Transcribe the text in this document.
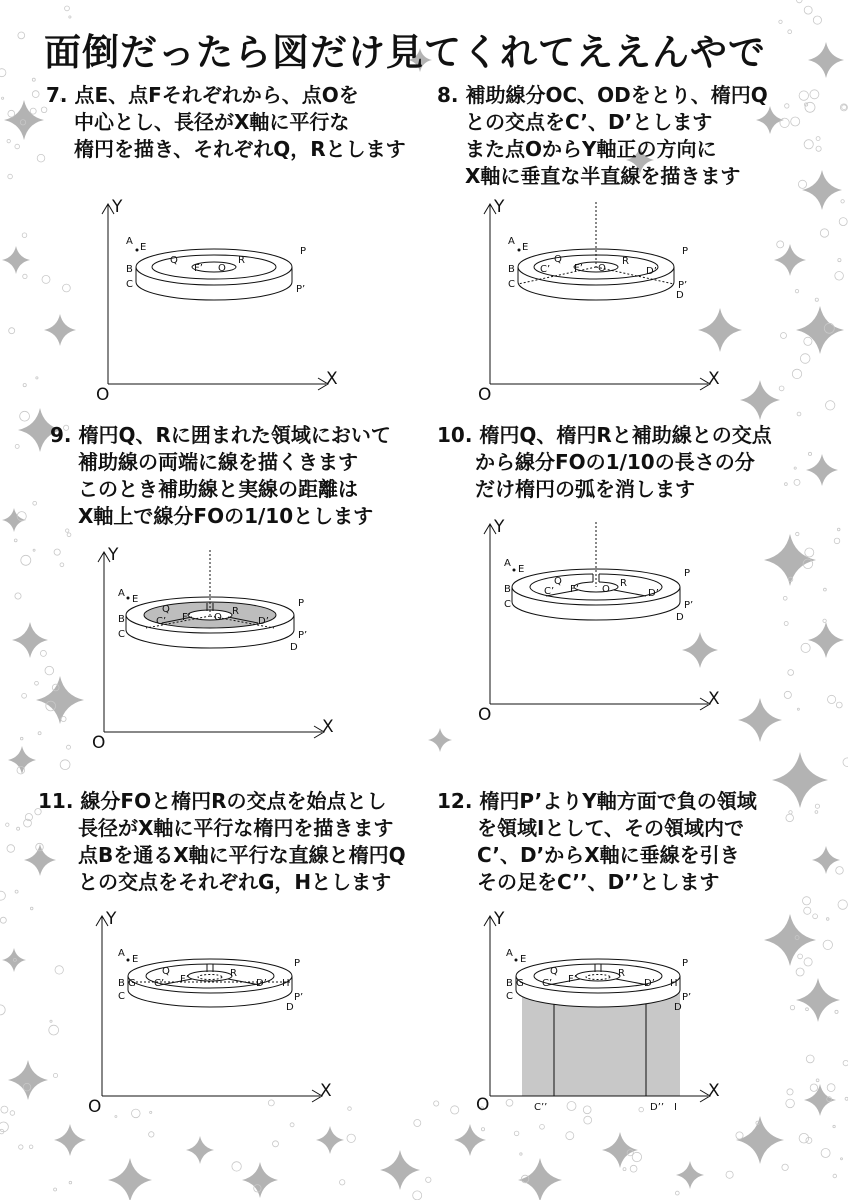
面倒だったら図だけ見てくれてええんやで
7. 点E、点Fそれぞれから、点Oを
中心とし、長径がX軸に平行な
楕円を描き、それぞれQ，Rとします
8. 補助線分OC、ODをとり、楕円Q
との交点をC’、D’とします
また点OからY軸正の方向に
X軸に垂直な半直線を描きます
9. 楕円Q、Rに囲まれた領域において
補助線の両端に線を描くきます
このとき補助線と実線の距離は
X軸上で線分FOの1/10とします
10. 楕円Q、楕円Rと補助線との交点
から線分FOの1/10の長さの分
だけ楕円の弧を消します
11. 線分FOと楕円Rの交点を始点とし
長径がX軸に平行な楕円を描きます
点Bを通るX軸に平行な直線と楕円Q
との交点をそれぞれG，Hとします
12. 楕円P’よりY軸方面で負の領域
を領域Iとして、その領域内で
C’、D’からX軸に垂線を引き
その足をC’’、D’’とします
Y
X
O
A
E
B
C
P
P’
Q	R
F’ O
Y
X
O
A
E
B
C
P
P’
D
Q	R
F’ O
C’	D’
Y
X
O
A
E
B
C
P
P’
D
Q	R
F’ O
C’	D’
Y
X
O
A
E
B
C
P
P’
D
Q	R
F’ O
C’	D’
Y
X
O
A
E
B G
C
P
P’
D
H
Q	R
F’
C’	D’
Y
X
O
A
E
B G
C
P
P’
D
H
Q	R
F’
C’	D’
C’’	D’’ I
